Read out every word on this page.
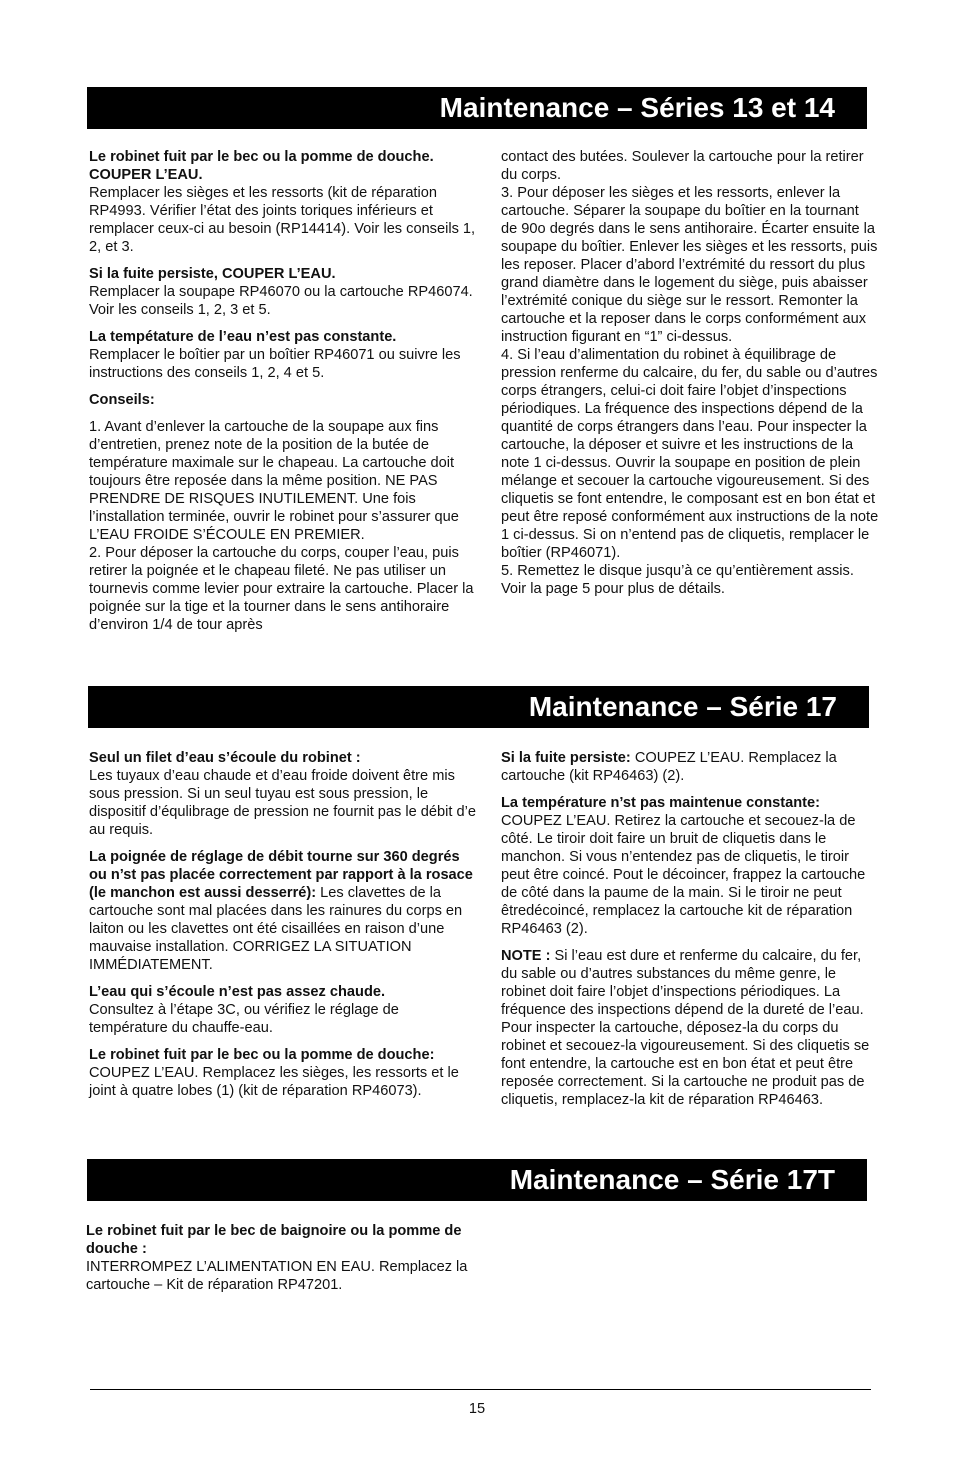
Maintenance – Séries 13 et 14

Le robinet fuit par le bec ou la pomme de douche. COUPER L’EAU.
Remplacer les sièges et les ressorts (kit de réparation RP4993. Vérifier l’état des joints toriques inférieurs et remplacer ceux-ci au besoin (RP14414). Voir les conseils 1, 2, et 3.

Si la fuite persiste, COUPER L’EAU.
Remplacer la soupape RP46070 ou la cartouche RP46074. Voir les conseils 1, 2, 3 et 5.

La tempétature de l’eau n’est pas constante.
Remplacer le boîtier par un boîtier RP46071 ou suivre les instructions des conseils 1, 2, 4 et 5.

Conseils:

1. Avant d’enlever la cartouche de la soupape aux fins d’entretien, prenez note de la position de la butée de température maximale sur le chapeau. La cartouche doit toujours être reposée dans la même position. NE PAS PRENDRE DE RISQUES INUTILEMENT. Une fois l’installation terminée, ouvrir le robinet pour s’assurer que L’EAU FROIDE S’ÉCOULE EN PREMIER.
2. Pour déposer la cartouche du corps, couper l’eau, puis retirer la poignée et le chapeau fileté. Ne pas utiliser un tournevis comme levier pour extraire la cartouche. Placer la poignée sur la tige et la tourner dans le sens antihoraire d’environ 1/4 de tour après

contact des butées. Soulever la cartouche pour la retirer du corps.
3. Pour déposer les sièges et les ressorts, enlever la cartouche. Séparer la soupape du boîtier en la tournant de 90o degrés dans le sens antihoraire. Écarter ensuite la soupape du boîtier. Enlever les sièges et les ressorts, puis les reposer. Placer d’abord l’extrémité du ressort du plus grand diamètre dans le logement du siège, puis abaisser l’extrémité conique du siège sur le ressort. Remonter la cartouche et la reposer dans le corps conformément aux instruction figurant en “1” ci-dessus.
4. Si l’eau d’alimentation du robinet à équilibrage de pression renferme du calcaire, du fer, du sable ou d’autres corps étrangers, celui-ci doit faire l’objet d’inspections périodiques. La fréquence des inspections dépend de la quantité de corps étrangers dans l’eau. Pour inspecter la cartouche, la déposer et suivre et les instructions de la note 1 ci-dessus. Ouvrir la soupape en position de plein mélange et secouer la cartouche vigoureusement. Si des cliquetis se font entendre, le composant est en bon état et peut être reposé conformément aux instructions de la note 1 ci-dessus. Si on n’entend pas de cliquetis, remplacer le boîtier (RP46071).
5. Remettez le disque jusqu’à ce qu’entièrement assis. Voir la page 5 pour plus de détails.

Maintenance – Série 17

Seul un filet d’eau s’écoule du robinet :
Les tuyaux d’eau chaude et d’eau froide doivent être mis sous pression. Si un seul tuyau est sous pression, le dispositif d’équlibrage de pression ne fournit pas le débit d’e au requis.

La poignée de réglage de débit tourne sur 360 degrés ou n’st pas placée correctement par rapport à la rosace (le manchon est aussi desserré): Les clavettes de la cartouche sont mal placées dans les rainures du corps en laiton ou les clavettes ont été cisaillées en raison d’une mauvaise installation. CORRIGEZ LA SITUATION IMMÉDIATEMENT.

L’eau qui s’écoule n’est pas assez chaude.
Consultez à l’étape 3C, ou vérifiez le réglage de température du chauffe-eau.

Le robinet fuit par le bec ou la pomme de douche: COUPEZ L’EAU. Remplacez les sièges, les ressorts et le joint à quatre lobes (1) (kit de réparation RP46073).

Si la fuite persiste: COUPEZ L’EAU. Remplacez la cartouche (kit RP46463) (2).

La température n’st pas maintenue constante:
COUPEZ L’EAU. Retirez la cartouche et secouez-la de côté. Le tiroir doit faire un bruit de cliquetis dans le manchon. Si vous n’entendez pas de cliquetis, le tiroir peut être coincé. Pout le décoincer, frappez la cartouche de côté dans la paume de la main. Si le tiroir ne peut êtredécoincé, remplacez la cartouche kit de réparation RP46463 (2).

NOTE : Si l’eau est dure et renferme du calcaire, du fer, du sable ou d’autres substances du même genre, le robinet doit faire l’objet d’inspections périodiques. La fréquence des inspections dépend de la dureté de l’eau. Pour inspecter la cartouche, déposez-la du corps du robinet et secouez-la vigoureusement. Si des cliquetis se font entendre, la cartouche est en bon état et peut être reposée correctement. Si la cartouche ne produit pas de cliquetis, remplacez-la kit de réparation RP46463.

Maintenance – Série 17T

Le robinet fuit par le bec de baignoire ou la pomme de douche :
INTERROMPEZ L’ALIMENTATION EN EAU. Remplacez la cartouche – Kit de réparation RP47201.

15
